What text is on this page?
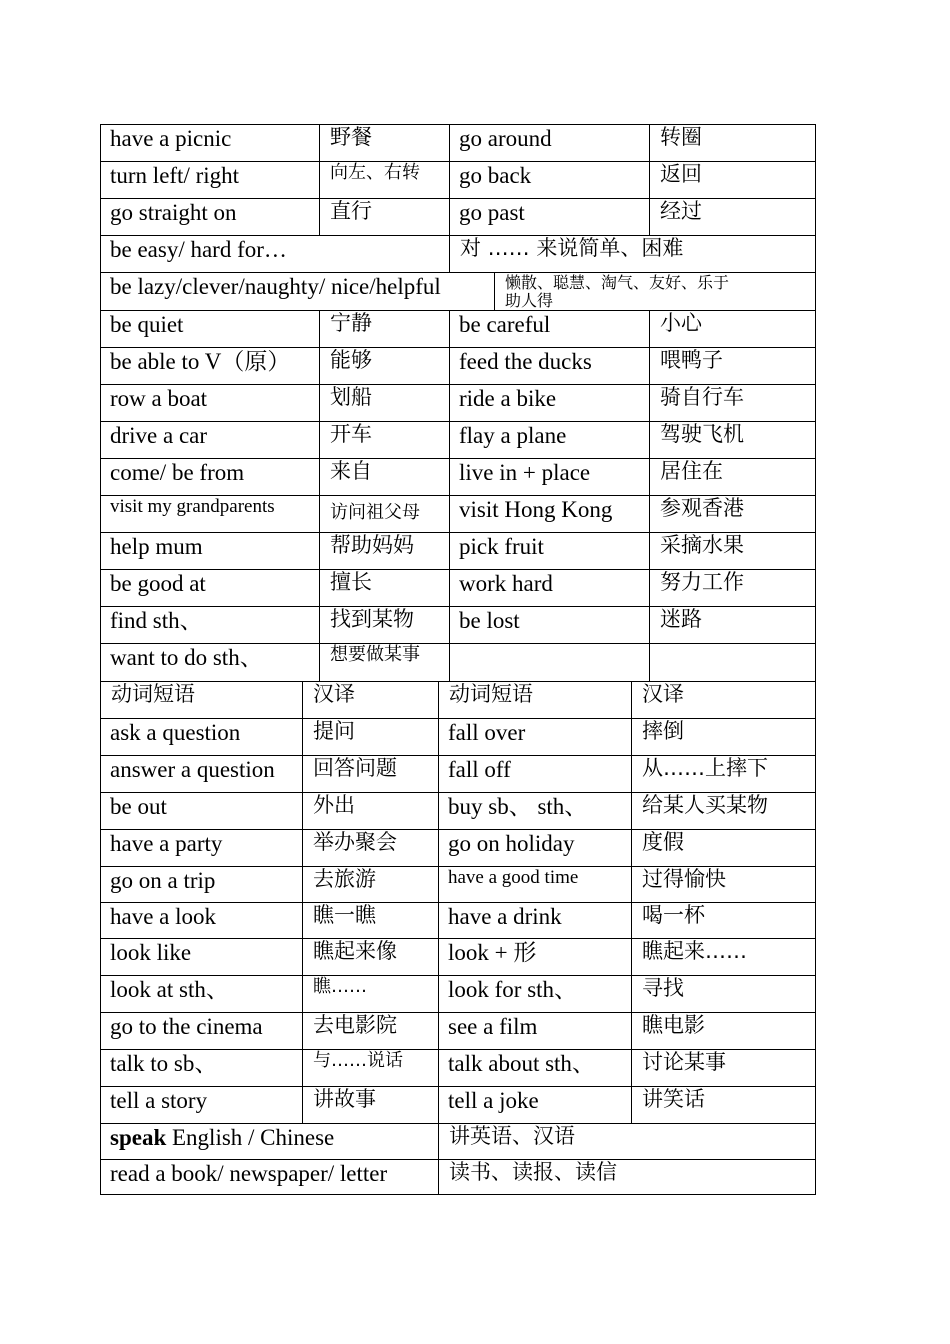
have a picnic	野餐	go around	转圈
turn left/ right	向左、右转	go back	返回
go straight on	直行	go past	经过
be easy/ hard for…	对 …… 来说简单、困难
be lazy/clever/naughty/ nice/helpful	懒散、聪慧、淘气、友好、乐于助人得
be quiet	宁静	be careful	小心
be able to V（原）	能够	feed the ducks	喂鸭子
row a boat	划船	ride a bike	骑自行车
drive a car	开车	flay a plane	驾驶飞机
come/ be from	来自	live in + place	居住在
visit my grandparents	访问祖父母	visit Hong Kong	参观香港
help mum	帮助妈妈	pick fruit	采摘水果
be good at	擅长	work hard	努力工作
find sth、	找到某物	be lost	迷路
want to do sth、	想要做某事
动词短语	汉译	动词短语	汉译
ask a question	提问	fall over	摔倒
answer a question	回答问题	fall off	从……上摔下
be out	外出	buy sb、 sth、	给某人买某物
have a party	举办聚会	go on holiday	度假
go on a trip	去旅游	have a good time	过得愉快
have a look	瞧一瞧	have a drink	喝一杯
look like	瞧起来像	look + 形	瞧起来……
look at sth、	瞧……	look for sth、	寻找
go to the cinema	去电影院	see a film	瞧电影
talk to sb、	与……说话	talk about sth、	讨论某事
tell a story	讲故事	tell a joke	讲笑话
speak English / Chinese	讲英语、汉语
read a book/ newspaper/ letter	读书、读报、读信
